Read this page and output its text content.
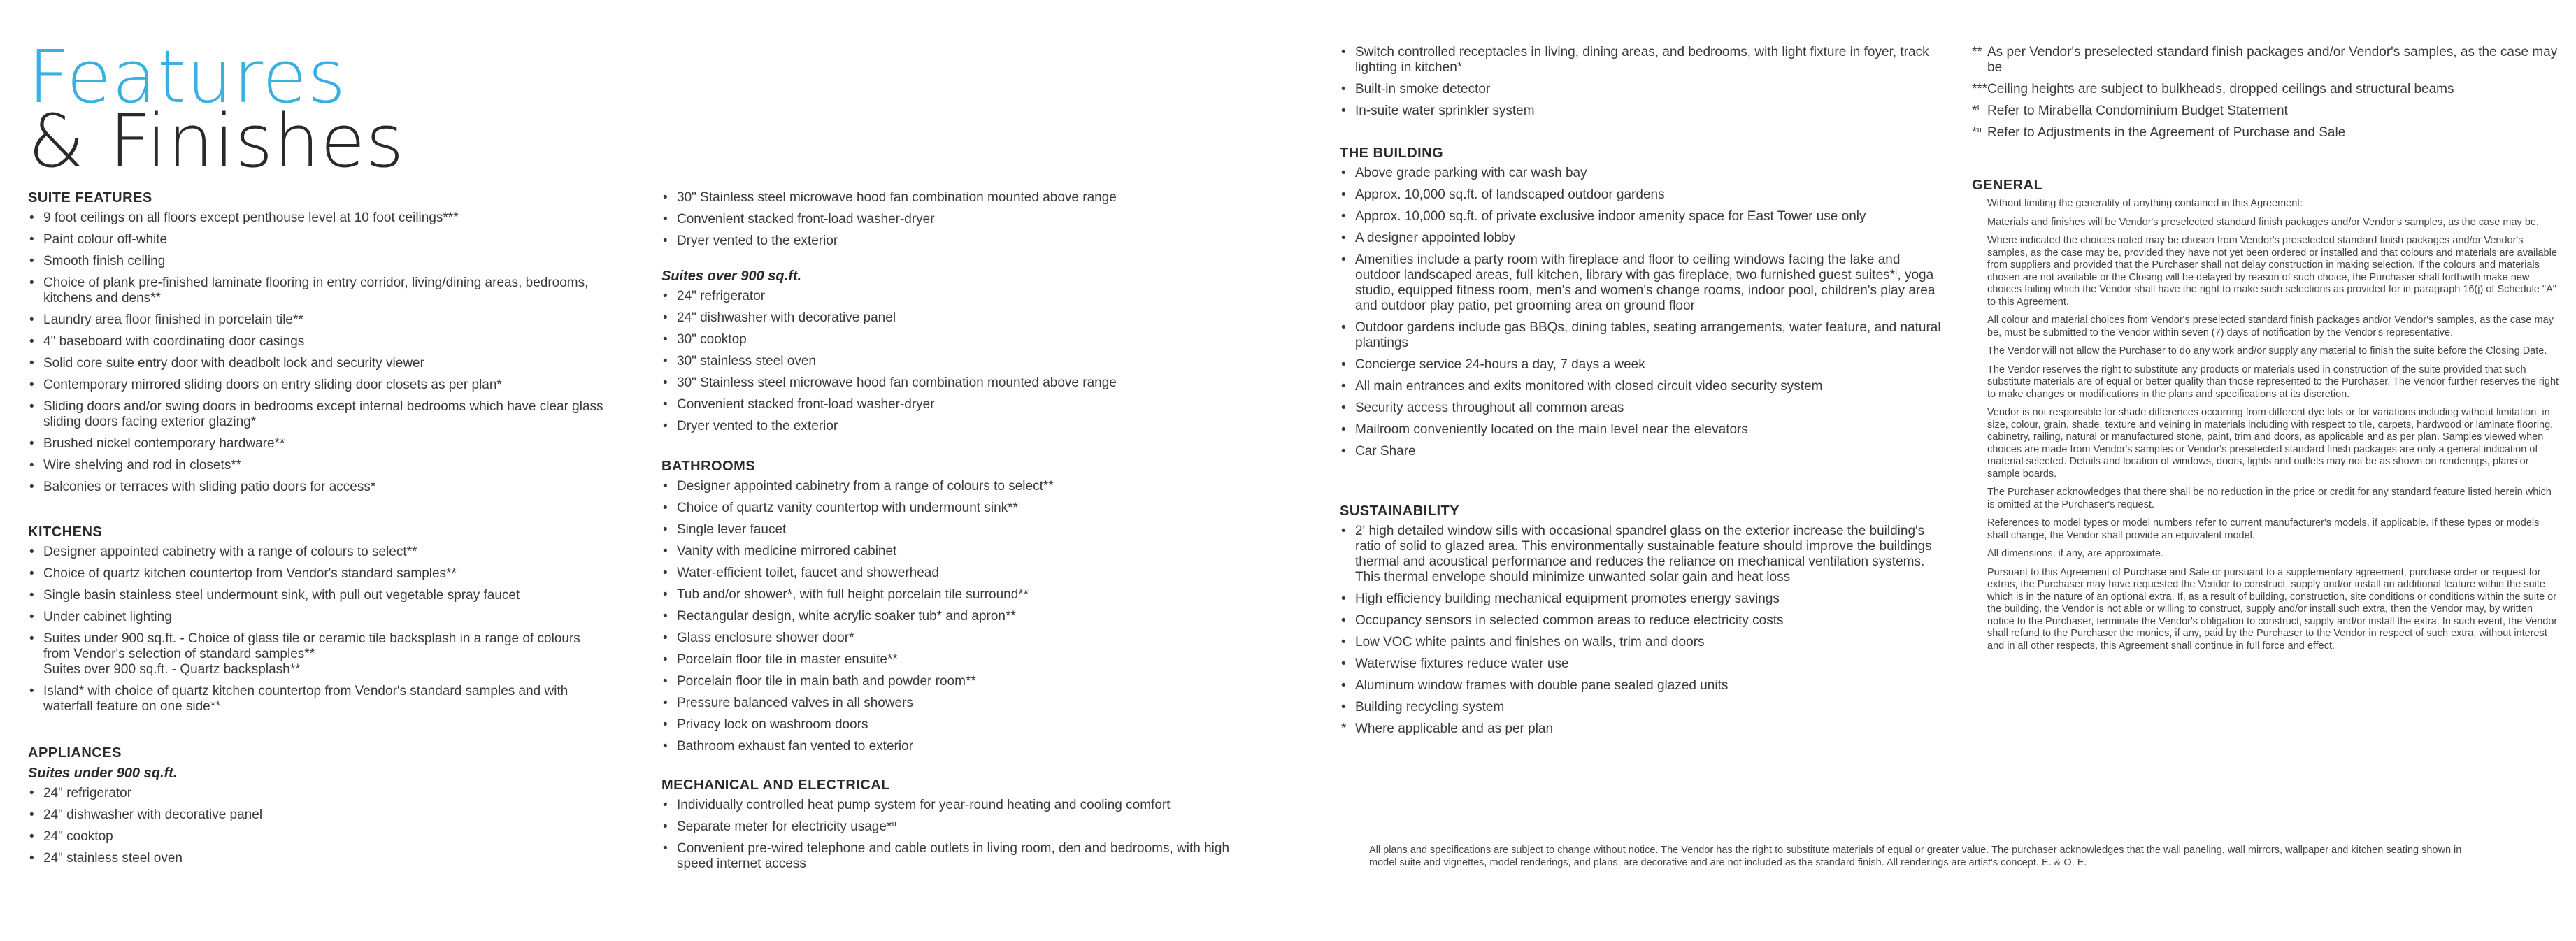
Features
& Finishes
SUITE FEATURES
• 9 foot ceilings on all floors except penthouse level at 10 foot ceilings***
• Paint colour off-white
• Smooth finish ceiling
• Choice of plank pre-finished laminate flooring in entry corridor, living/dining areas, bedrooms, kitchens and dens**
• Laundry area floor finished in porcelain tile**
• 4" baseboard with coordinating door casings
• Solid core suite entry door with deadbolt lock and security viewer
• Contemporary mirrored sliding doors on entry sliding door closets as per plan*
• Sliding doors and/or swing doors in bedrooms except internal bedrooms which have clear glass sliding doors facing exterior glazing*
• Brushed nickel contemporary hardware**
• Wire shelving and rod in closets**
• Balconies or terraces with sliding patio doors for access*
KITCHENS
• Designer appointed cabinetry with a range of colours to select**
• Choice of quartz kitchen countertop from Vendor's standard samples**
• Single basin stainless steel undermount sink, with pull out vegetable spray faucet
• Under cabinet lighting
• Suites under 900 sq.ft. - Choice of glass tile or ceramic tile backsplash in a range of colours from Vendor's selection of standard samples**
Suites over 900 sq.ft. - Quartz backsplash**
• Island* with choice of quartz kitchen countertop from Vendor's standard samples and with waterfall feature on one side**
APPLIANCES
Suites under 900 sq.ft.
• 24" refrigerator
• 24" dishwasher with decorative panel
• 24" cooktop
• 24" stainless steel oven
• 30" Stainless steel microwave hood fan combination mounted above range
• Convenient stacked front-load washer-dryer
• Dryer vented to the exterior
Suites over 900 sq.ft.
• 24" refrigerator
• 24" dishwasher with decorative panel
• 30" cooktop
• 30" stainless steel oven
• 30" Stainless steel microwave hood fan combination mounted above range
• Convenient stacked front-load washer-dryer
• Dryer vented to the exterior
BATHROOMS
• Designer appointed cabinetry from a range of colours to select**
• Choice of quartz vanity countertop with undermount sink**
• Single lever faucet
• Vanity with medicine mirrored cabinet
• Water-efficient toilet, faucet and showerhead
• Tub and/or shower*, with full height porcelain tile surround**
• Rectangular design, white acrylic soaker tub* and apron**
• Glass enclosure shower door*
• Porcelain floor tile in master ensuite**
• Porcelain floor tile in main bath and powder room**
• Pressure balanced valves in all showers
• Privacy lock on washroom doors
• Bathroom exhaust fan vented to exterior
MECHANICAL AND ELECTRICAL
• Individually controlled heat pump system for year-round heating and cooling comfort
• Separate meter for electricity usage*ⁱⁱ
• Convenient pre-wired telephone and cable outlets in living room, den and bedrooms, with high speed internet access
• Switch controlled receptacles in living, dining areas, and bedrooms, with light fixture in foyer, track lighting in kitchen*
• Built-in smoke detector
• In-suite water sprinkler system
THE BUILDING
• Above grade parking with car wash bay
• Approx. 10,000 sq.ft. of landscaped outdoor gardens
• Approx. 10,000 sq.ft. of private exclusive indoor amenity space for East Tower use only
• A designer appointed lobby
• Amenities include a party room with fireplace and floor to ceiling windows facing the lake and outdoor landscaped areas, full kitchen, library with gas fireplace, two furnished guest suites*ⁱ, yoga studio, equipped fitness room, men's and women's change rooms, indoor pool, children's play area and outdoor play patio, pet grooming area on ground floor
• Outdoor gardens include gas BBQs, dining tables, seating arrangements, water feature, and natural plantings
• Concierge service 24-hours a day, 7 days a week
• All main entrances and exits monitored with closed circuit video security system
• Security access throughout all common areas
• Mailroom conveniently located on the main level near the elevators
• Car Share
SUSTAINABILITY
• 2' high detailed window sills with occasional spandrel glass on the exterior increase the building's ratio of solid to glazed area. This environmentally sustainable feature should improve the buildings thermal and acoustical performance and reduces the reliance on mechanical ventilation systems. This thermal envelope should minimize unwanted solar gain and heat loss
• High efficiency building mechanical equipment promotes energy savings
• Occupancy sensors in selected common areas to reduce electricity costs
• Low VOC white paints and finishes on walls, trim and doors
• Waterwise fixtures reduce water use
• Aluminum window frames with double pane sealed glazed units
• Building recycling system
* Where applicable and as per plan
** As per Vendor's preselected standard finish packages and/or Vendor's samples, as the case may be
*** Ceiling heights are subject to bulkheads, dropped ceilings and structural beams
*ⁱ Refer to Mirabella Condominium Budget Statement
*ⁱⁱ Refer to Adjustments in the Agreement of Purchase and Sale
GENERAL

Without limiting the generality of anything contained in this Agreement:

Materials and finishes will be Vendor's preselected standard finish packages and/or Vendor's samples, as the case may be.

Where indicated the choices noted may be chosen from Vendor's preselected standard finish packages and/or Vendor's samples, as the case may be, provided they have not yet been ordered or installed and that colours and materials are available from suppliers and provided that the Purchaser shall not delay construction in making selection. If the colours and materials chosen are not available or the Closing will be delayed by reason of such choice, the Purchaser shall forthwith make new choices failing which the Vendor shall have the right to make such selections as provided for in paragraph 16(j) of Schedule "A" to this Agreement.

All colour and material choices from Vendor's preselected standard finish packages and/or Vendor's samples, as the case may be, must be submitted to the Vendor within seven (7) days of notification by the Vendor's representative.

The Vendor will not allow the Purchaser to do any work and/or supply any material to finish the suite before the Closing Date.

The Vendor reserves the right to substitute any products or materials used in construction of the suite provided that such substitute materials are of equal or better quality than those represented to the Purchaser. The Vendor further reserves the right to make changes or modifications in the plans and specifications at its discretion.

Vendor is not responsible for shade differences occurring from different dye lots or for variations including without limitation, in size, colour, grain, shade, texture and veining in materials including with respect to tile, carpets, hardwood or laminate flooring, cabinetry, railing, natural or manufactured stone, paint, trim and doors, as applicable and as per plan. Samples viewed when choices are made from Vendor's samples or Vendor's preselected standard finish packages are only a general indication of material selected. Details and location of windows, doors, lights and outlets may not be as shown on renderings, plans or sample boards.

The Purchaser acknowledges that there shall be no reduction in the price or credit for any standard feature listed herein which is omitted at the Purchaser's request.

References to model types or model numbers refer to current manufacturer's models, if applicable. If these types or models shall change, the Vendor shall provide an equivalent model.

All dimensions, if any, are approximate.

Pursuant to this Agreement of Purchase and Sale or pursuant to a supplementary agreement, purchase order or request for extras, the Purchaser may have requested the Vendor to construct, supply and/or install an additional feature within the suite which is in the nature of an optional extra. If, as a result of building, construction, site conditions or conditions within the suite or the building, the Vendor is not able or willing to construct, supply and/or install such extra, then the Vendor may, by written notice to the Purchaser, terminate the Vendor's obligation to construct, supply and/or install the extra. In such event, the Vendor shall refund to the Purchaser the monies, if any, paid by the Purchaser to the Vendor in respect of such extra, without interest and in all other respects, this Agreement shall continue in full force and effect.

All plans and specifications are subject to change without notice. The Vendor has the right to substitute materials of equal or greater value. The purchaser acknowledges that the wall paneling, wall mirrors, wallpaper and kitchen seating shown in model suite and vignettes, model renderings, and plans, are decorative and are not included as the standard finish. All renderings are artist's concept. E. & O. E.
